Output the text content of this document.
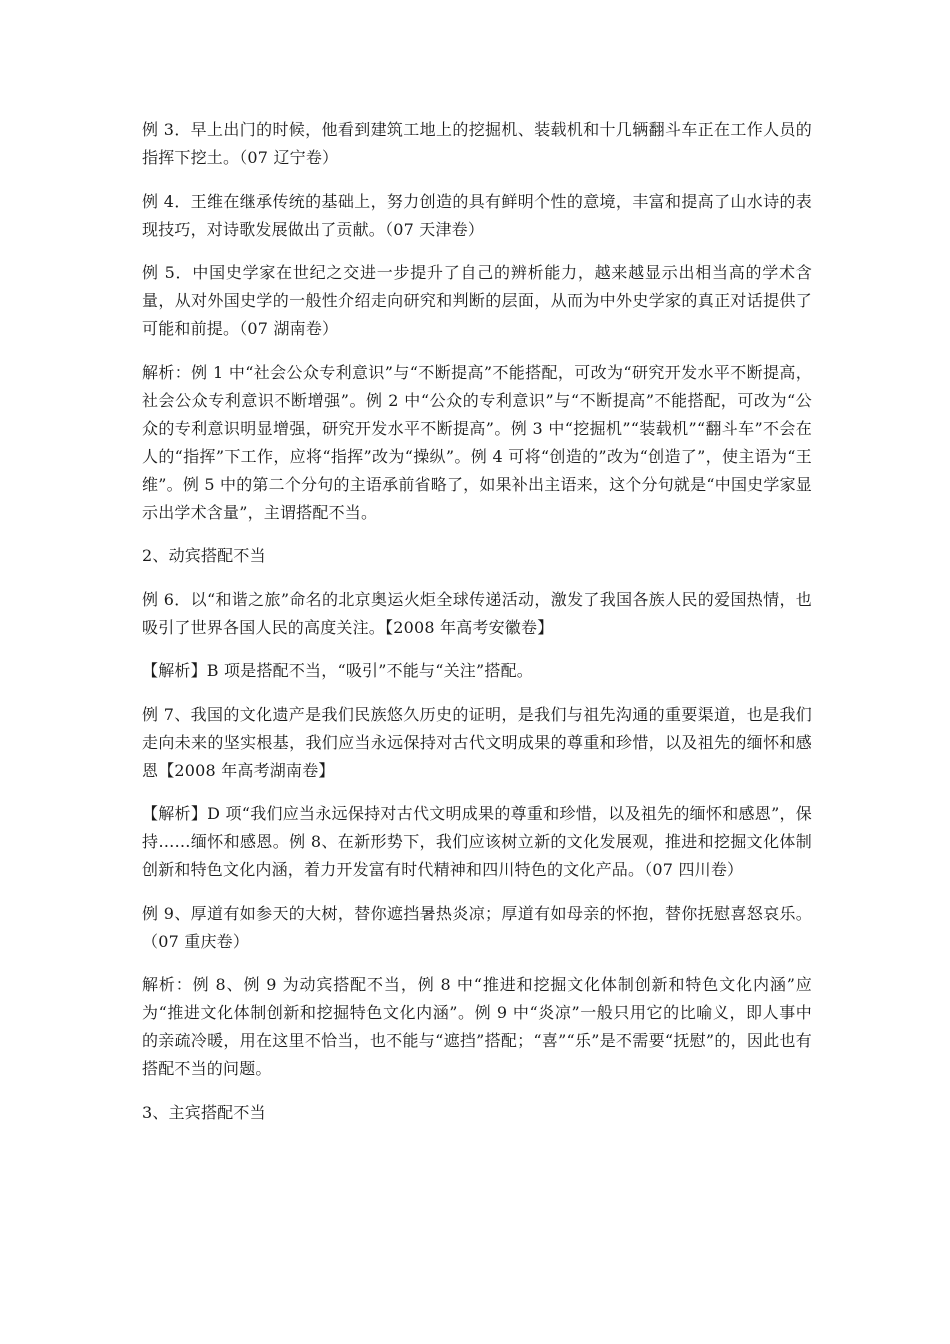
例 3．早上出门的时候，他看到建筑工地上的挖掘机、装载机和十几辆翻斗车正在工作人员的指挥下挖土。（07 辽宁卷）

例 4．王维在继承传统的基础上，努力创造的具有鲜明个性的意境，丰富和提高了山水诗的表现技巧，对诗歌发展做出了贡献。（07 天津卷）

例 5．中国史学家在世纪之交进一步提升了自己的辨析能力，越来越显示出相当高的学术含量，从对外国史学的一般性介绍走向研究和判断的层面，从而为中外史学家的真正对话提供了可能和前提。（07 湖南卷）

解析：例 1 中“社会公众专利意识”与“不断提高”不能搭配，可改为“研究开发水平不断提高，社会公众专利意识不断增强”。例 2 中“公众的专利意识”与“不断提高”不能搭配，可改为“公众的专利意识明显增强，研究开发水平不断提高”。例 3 中“挖掘机”“装载机”“翻斗车”不会在人的“指挥”下工作，应将“指挥”改为“操纵”。例 4 可将“创造的”改为“创造了”，使主语为“王维”。例 5 中的第二个分句的主语承前省略了，如果补出主语来，这个分句就是“中国史学家显示出学术含量”，主谓搭配不当。

2、动宾搭配不当

例 6．以“和谐之旅”命名的北京奥运火炬全球传递活动，激发了我国各族人民的爱国热情，也吸引了世界各国人民的高度关注。【2008 年高考安徽卷】

【解析】B 项是搭配不当，“吸引”不能与“关注”搭配。

例 7、我国的文化遗产是我们民族悠久历史的证明，是我们与祖先沟通的重要渠道，也是我们走向未来的坚实根基，我们应当永远保持对古代文明成果的尊重和珍惜，以及祖先的缅怀和感恩【2008 年高考湖南卷】

【解析】D 项“我们应当永远保持对古代文明成果的尊重和珍惜，以及祖先的缅怀和感恩”，保持……缅怀和感恩。例 8、在新形势下，我们应该树立新的文化发展观，推进和挖掘文化体制创新和特色文化内涵，着力开发富有时代精神和四川特色的文化产品。（07 四川卷）

例 9、厚道有如参天的大树，替你遮挡暑热炎凉；厚道有如母亲的怀抱，替你抚慰喜怒哀乐。（07 重庆卷）

解析：例 8、例 9 为动宾搭配不当，例 8 中“推进和挖掘文化体制创新和特色文化内涵”应为“推进文化体制创新和挖掘特色文化内涵”。例 9 中“炎凉”一般只用它的比喻义，即人事中的亲疏冷暖，用在这里不恰当，也不能与“遮挡”搭配；“喜”“乐”是不需要“抚慰”的，因此也有搭配不当的问题。

3、主宾搭配不当
